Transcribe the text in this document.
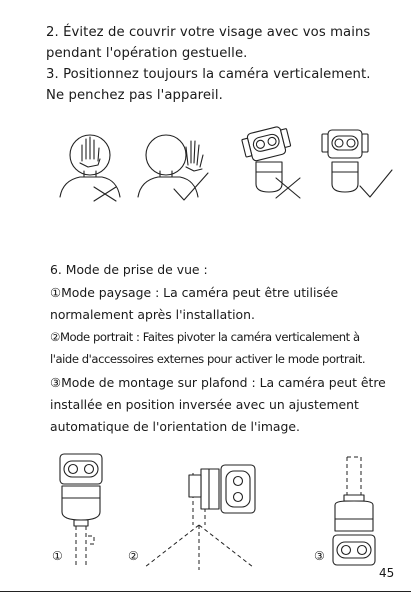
2. Évitez de couvrir votre visage avec vos mains
pendant l'opération gestuelle.
3. Positionnez toujours la caméra verticalement.
Ne penchez pas l'appareil.
6. Mode de prise de vue :
①Mode paysage : La caméra peut être utilisée
normalement après l'installation.
②Mode portrait : Faites pivoter la caméra verticalement à
l'aide d'accessoires externes pour activer le mode portrait.
③Mode de montage sur plafond : La caméra peut être
installée en position inversée avec un ajustement
automatique de l'orientation de l'image.
①	②	③
45
